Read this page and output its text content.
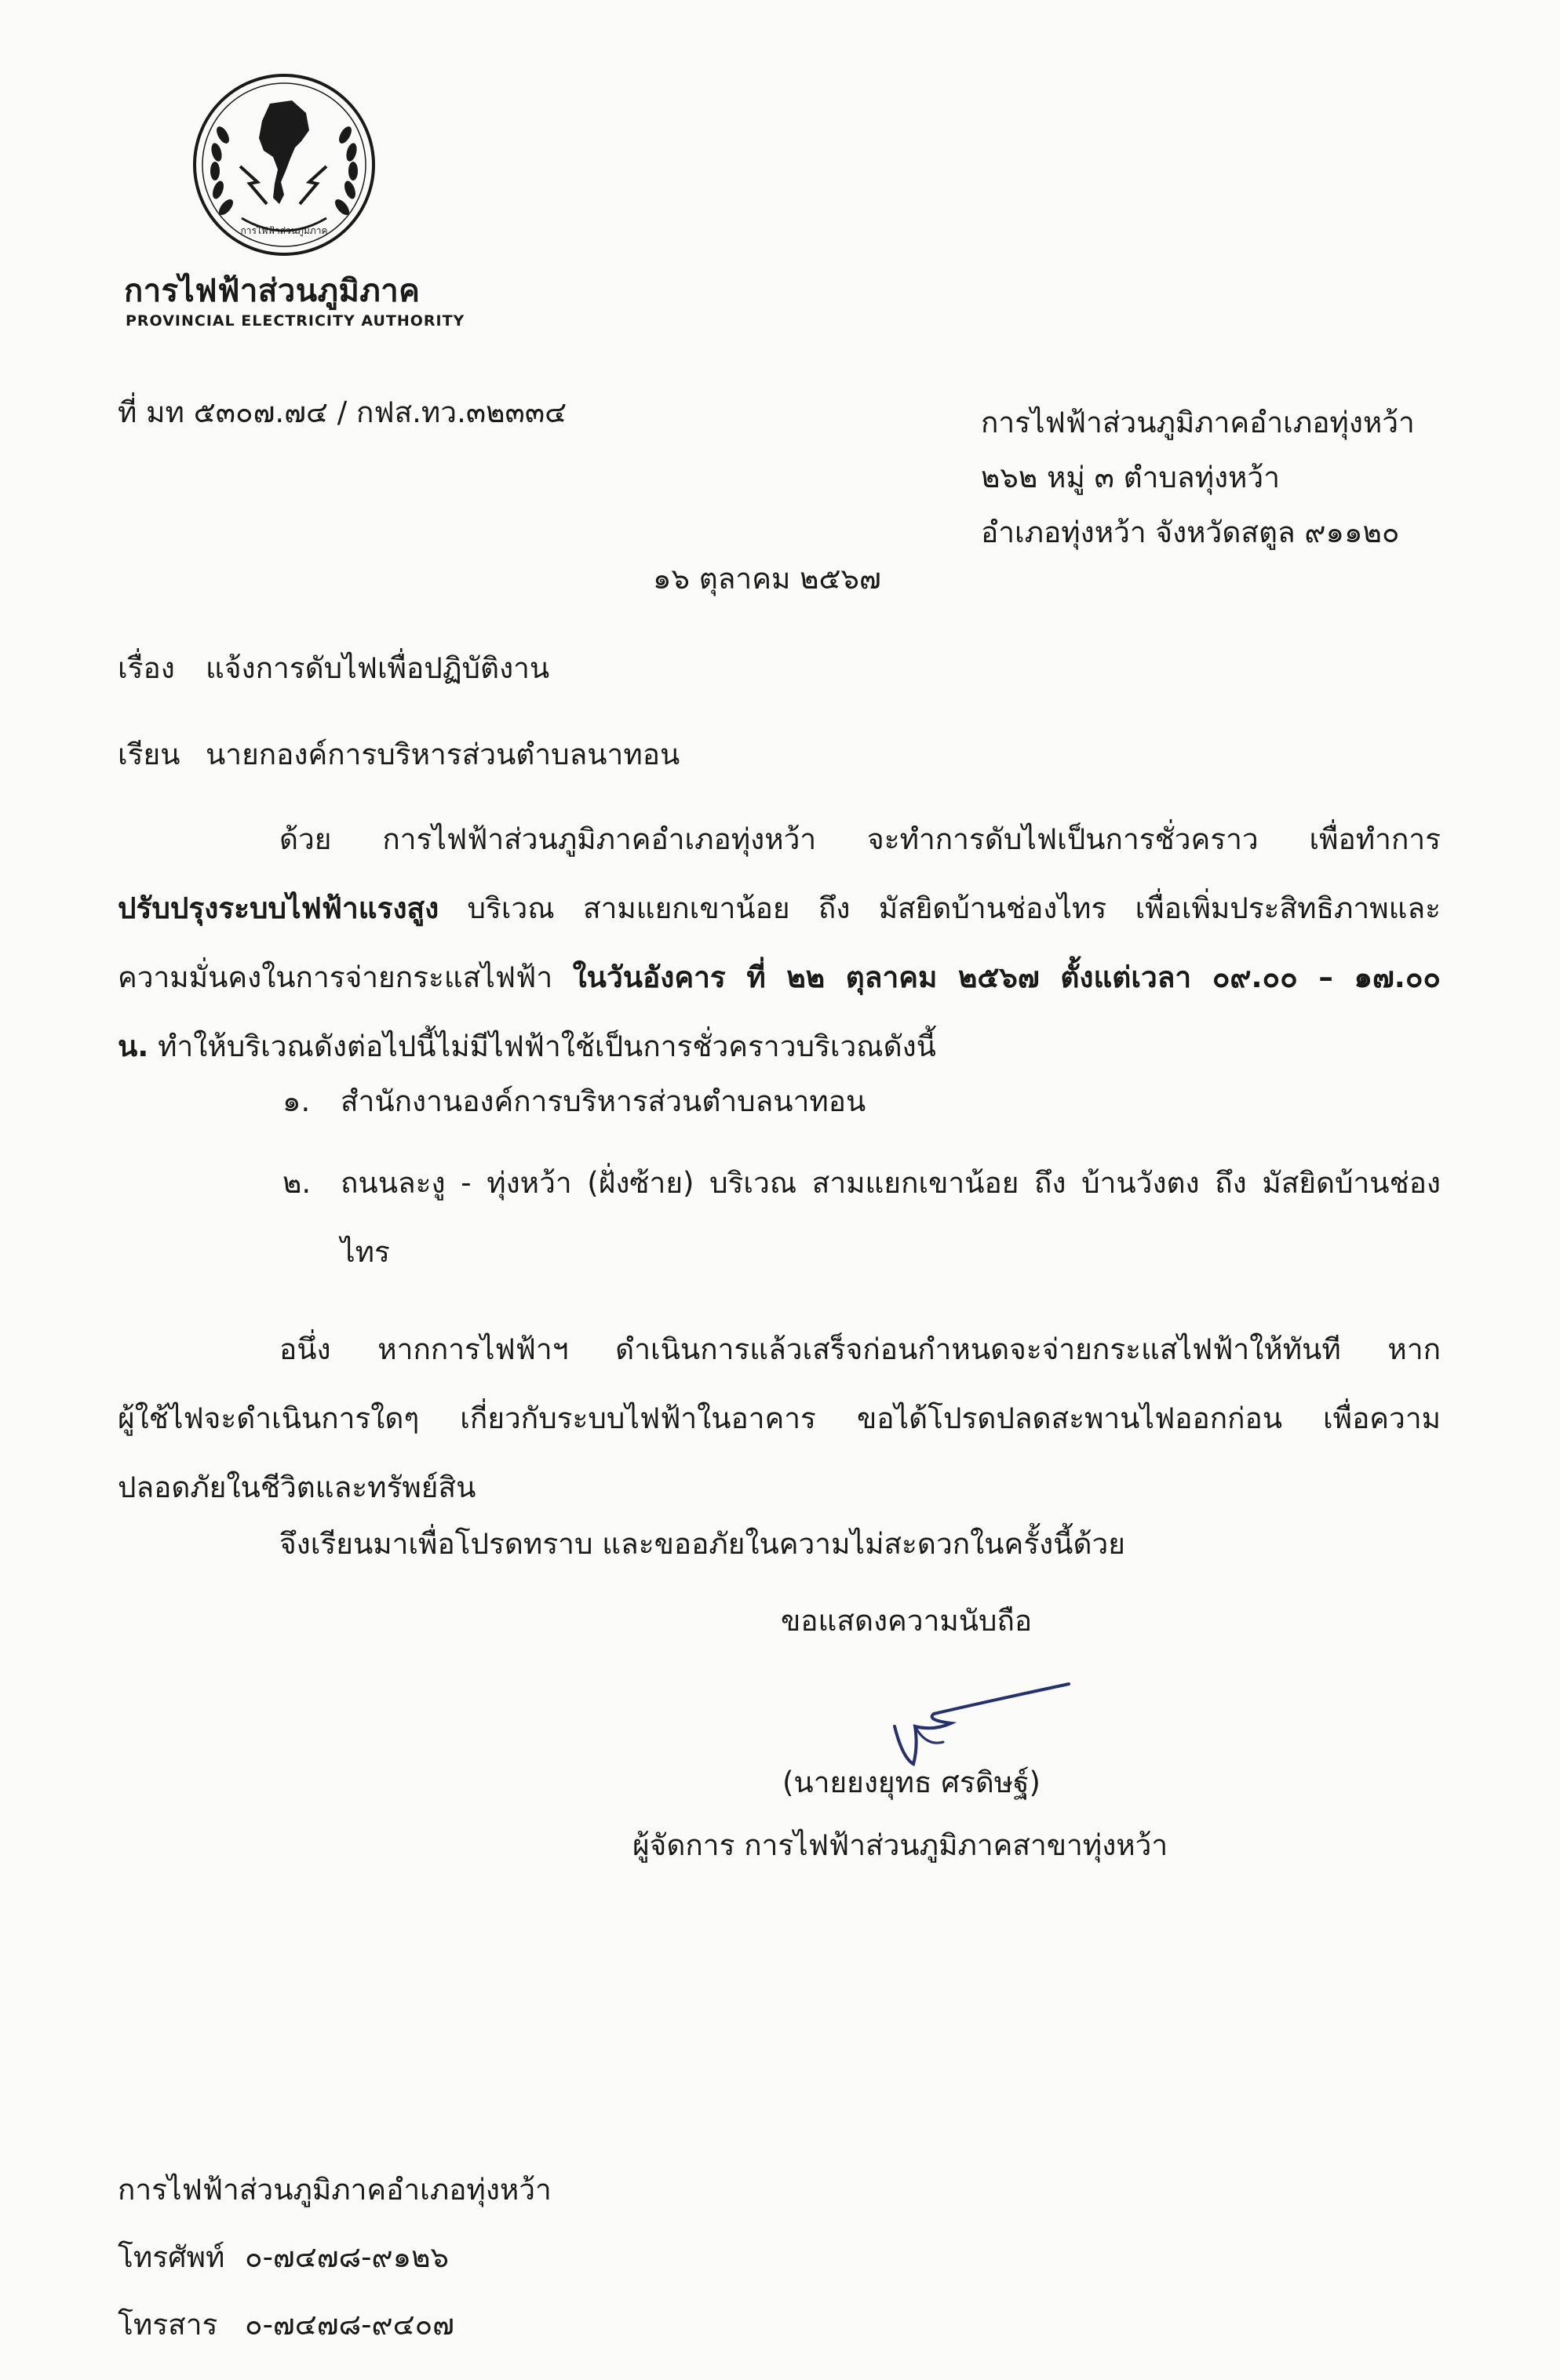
การไฟฟ้าส่วนภูมิภาค
การไฟฟ้าส่วนภูมิภาค
PROVINCIAL ELECTRICITY AUTHORITY
ที่ มท ๕๓๐๗.๗๔ / กฟส.ทว.๓๒๓๓๔	การไฟฟ้าส่วนภูมิภาคอำเภอทุ่งหว้า
๒๖๒ หมู่ ๓ ตำบลทุ่งหว้า
อำเภอทุ่งหว้า จังหวัดสตูล ๙๑๑๒๐
๑๖ ตุลาคม ๒๕๖๗
เรื่อง แจ้งการดับไฟเพื่อปฏิบัติงาน
เรียน นายกองค์การบริหารส่วนตำบลนาทอน
ด้วย การไฟฟ้าส่วนภูมิภาคอำเภอทุ่งหว้า จะทำการดับไฟเป็นการชั่วคราว เพื่อทำการ
ปรับปรุงระบบไฟฟ้าแรงสูง บริเวณ สามแยกเขาน้อย ถึง มัสยิดบ้านช่องไทร เพื่อเพิ่มประสิทธิภาพและ
ความมั่นคงในการจ่ายกระแสไฟฟ้า ในวันอังคาร ที่ ๒๒ ตุลาคม ๒๕๖๗ ตั้งแต่เวลา ๐๙.๐๐ – ๑๗.๐๐
น. ทำให้บริเวณดังต่อไปนี้ไม่มีไฟฟ้าใช้เป็นการชั่วคราวบริเวณดังนี้
๑. สำนักงานองค์การบริหารส่วนตำบลนาทอน
๒. ถนนละงู - ทุ่งหว้า (ฝั่งซ้าย) บริเวณ สามแยกเขาน้อย ถึง บ้านวังตง ถึง มัสยิดบ้านช่อง
ไทร
อนึ่ง หากการไฟฟ้าฯ ดำเนินการแล้วเสร็จก่อนกำหนดจะจ่ายกระแสไฟฟ้าให้ทันที หาก
ผู้ใช้ไฟจะดำเนินการใดๆ เกี่ยวกับระบบไฟฟ้าในอาคาร ขอได้โปรดปลดสะพานไฟออกก่อน เพื่อความ
ปลอดภัยในชีวิตและทรัพย์สิน
จึงเรียนมาเพื่อโปรดทราบ และขออภัยในความไม่สะดวกในครั้งนี้ด้วย
ขอแสดงความนับถือ
(นายยงยุทธ ศรดิษฐ์)
ผู้จัดการ การไฟฟ้าส่วนภูมิภาคสาขาทุ่งหว้า
การไฟฟ้าส่วนภูมิภาคอำเภอทุ่งหว้า
โทรศัพท์ ๐-๗๔๗๘-๙๑๒๖
โทรสาร ๐-๗๔๗๘-๙๔๐๗
